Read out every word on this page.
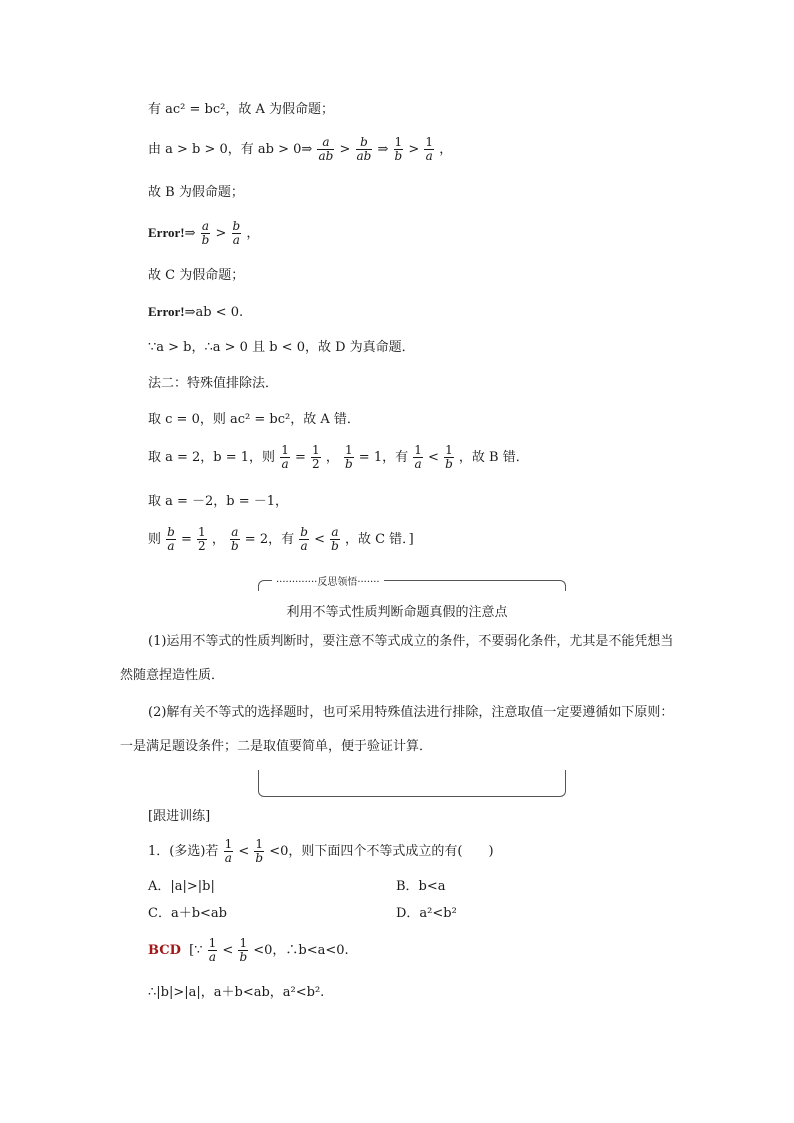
有 ac² = bc²，故 A 为假命题；
由 a > b > 0，有 ab > 0⇒ $\frac{a}{ab} > \frac{b}{ab}$ ⇒ $\frac{1}{b} > \frac{1}{a}$ ，
故 B 为假命题；
Error!⇒ $\frac{a}{b} > \frac{b}{a}$ ，
故 C 为假命题；
Error!⇒ab < 0.
∵a > b，∴a > 0 且 b < 0，故 D 为真命题．
法二：特殊值排除法．
取 c = 0，则 ac² = bc²，故 A 错．
取 a = 2，b = 1，则 $\frac{1}{a} = \frac{1}{2}$ ， $\frac{1}{b} = 1$，有 $\frac{1}{a} < \frac{1}{b}$ ，故 B 错．
取 a = －2，b = －1，
则 $\frac{b}{a} = \frac{1}{2}$ ， $\frac{a}{b} = 2$，有 $\frac{b}{a} < \frac{a}{b}$ ，故 C 错．]
·············反思领悟·······
利用不等式性质判断命题真假的注意点
(1)运用不等式的性质判断时，要注意不等式成立的条件，不要弱化条件，尤其是不能凭想当然随意捏造性质．
(2)解有关不等式的选择题时，也可采用特殊值法进行排除，注意取值一定要遵循如下原则：一是满足题设条件；二是取值要简单，便于验证计算．
[跟进训练]
1．(多选)若 $\frac{1}{a} < \frac{1}{b} <0$，则下面四个不等式成立的有(　　)
A．|a|>|b|	B．b<a
C．a＋b<ab	D．a²<b²
BCD [∵ $\frac{1}{a} < \frac{1}{b} <0$，∴b<a<0.
∴|b|>|a|，a＋b<ab，a²<b².
